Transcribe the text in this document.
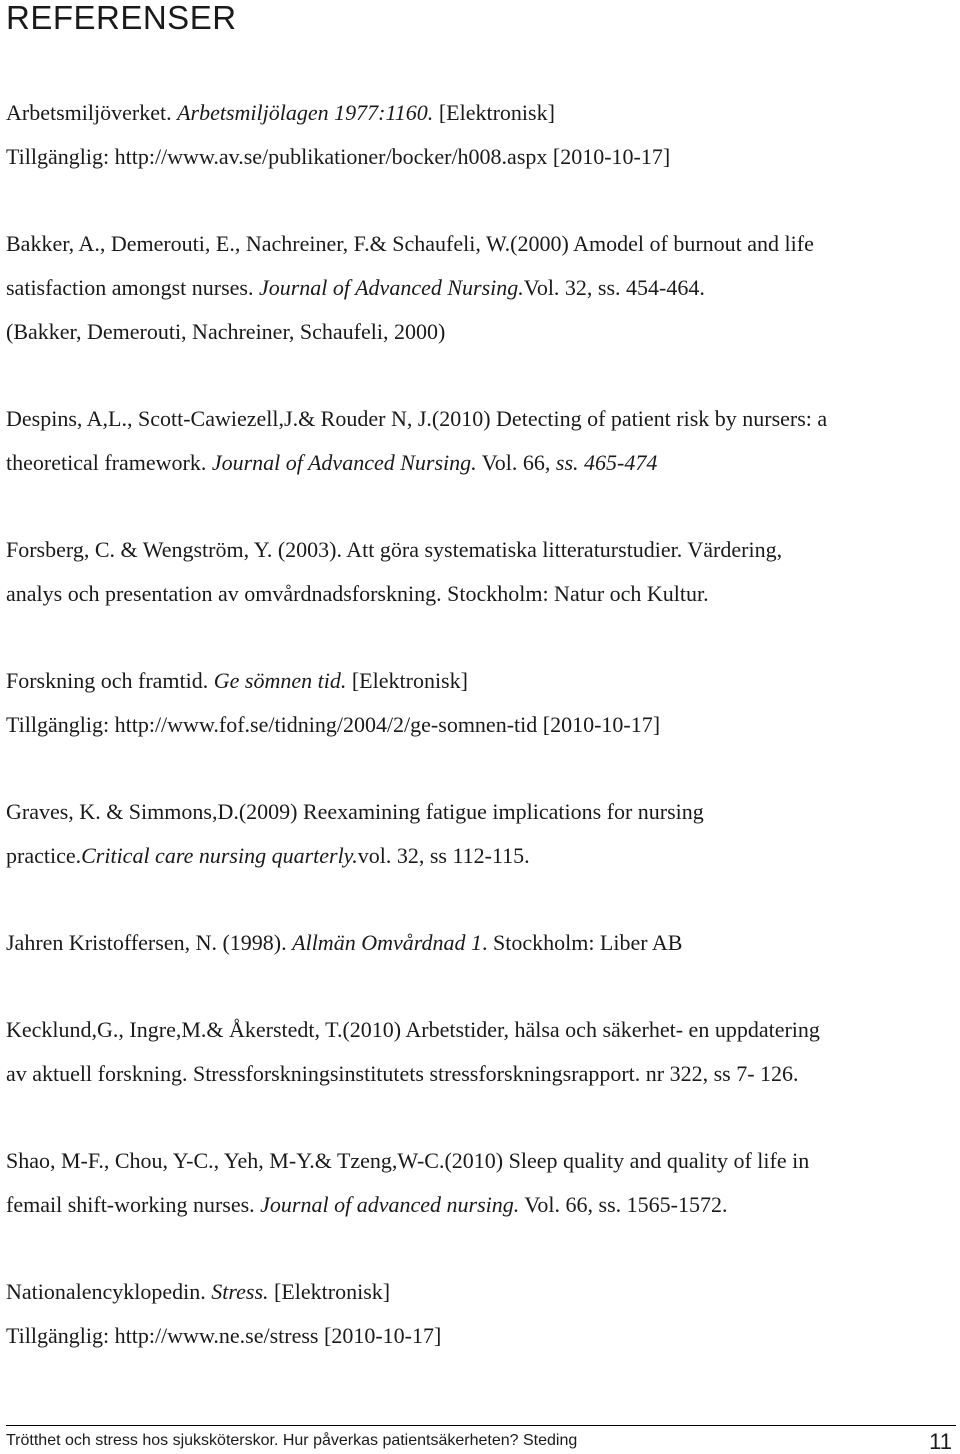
REFERENSER
Arbetsmiljöverket. Arbetsmiljölagen 1977:1160. [Elektronisk]
Tillgänglig: http://www.av.se/publikationer/bocker/h008.aspx [2010-10-17]
Bakker, A., Demerouti, E., Nachreiner, F.& Schaufeli, W.(2000) Amodel of burnout and life
satisfaction amongst nurses. Journal of Advanced Nursing.Vol. 32, ss. 454-464.
(Bakker, Demerouti, Nachreiner, Schaufeli, 2000)
Despins, A,L., Scott-Cawiezell,J.& Rouder N, J.(2010) Detecting of patient risk by nursers: a
theoretical framework. Journal of Advanced Nursing. Vol. 66, ss. 465-474
Forsberg, C. & Wengström, Y. (2003). Att göra systematiska litteraturstudier. Värdering,
analys och presentation av omvårdnadsforskning. Stockholm: Natur och Kultur.
Forskning och framtid. Ge sömnen tid. [Elektronisk]
Tillgänglig: http://www.fof.se/tidning/2004/2/ge-somnen-tid [2010-10-17]
Graves, K. & Simmons,D.(2009) Reexamining fatigue implications for nursing
practice.Critical care nursing quarterly.vol. 32, ss 112-115.
Jahren Kristoffersen, N. (1998). Allmän Omvårdnad 1. Stockholm: Liber AB
Kecklund,G., Ingre,M.& Åkerstedt, T.(2010) Arbetstider, hälsa och säkerhet- en uppdatering
av aktuell forskning. Stressforskningsinstitutets stressforskningsrapport. nr 322, ss 7- 126.
Shao, M-F., Chou, Y-C., Yeh, M-Y.& Tzeng,W-C.(2010) Sleep quality and quality of life in
femail shift-working nurses. Journal of advanced nursing. Vol. 66, ss. 1565-1572.
Nationalencyklopedin. Stress. [Elektronisk]
Tillgänglig: http://www.ne.se/stress [2010-10-17]
Trötthet och stress hos sjuksköterskor. Hur påverkas patientsäkerheten? Steding	11
